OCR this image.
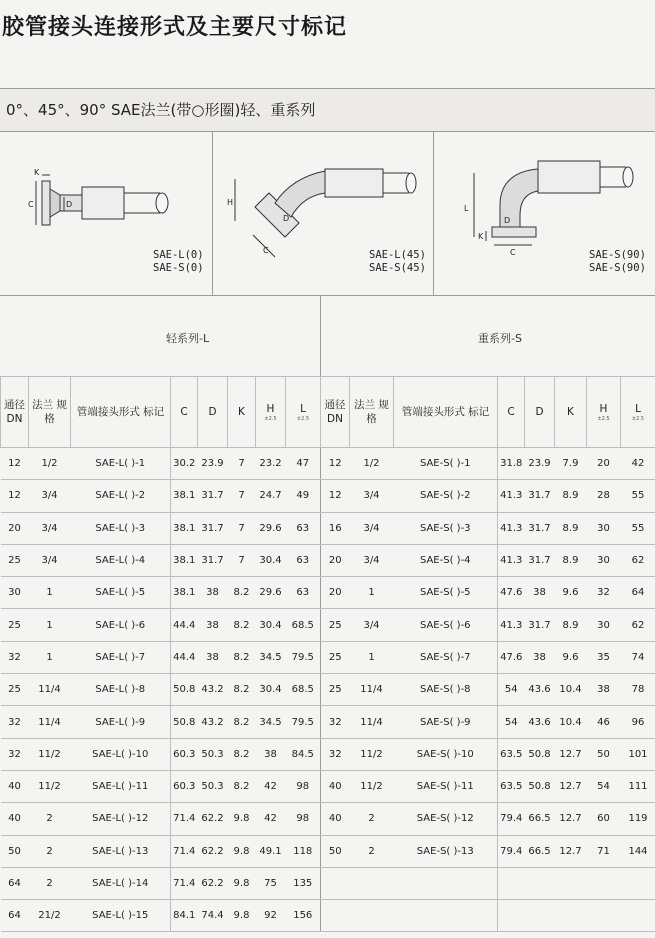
胶管接头连接形式及主要尺寸标记
0°、45°、90° SAE法兰(带○形圈)轻、重系列
K
C	D
SAE-L(0)
SAE-S(0)
H
C
D
SAE-L(45)
SAE-S(45)
L
K
D
C	SAE-S(90)
SAE-S(90)
轻系列-L	重系列-S
通径 DN	法兰 规格	管端接头形式 标记	C	D	K	H
±2.5	L
±2.5	通径 DN	法兰 规格	管端接头形式 标记	C	D	K	H
±2.5	L
±2.5

12	1/2	SAE-L( )-1	30.2	23.9	7	23.2	47	12	1/2	SAE-S( )-1	31.8	23.9	7.9	20	42
12	3/4	SAE-L( )-2	38.1	31.7	7	24.7	49	12	3/4	SAE-S( )-2	41.3	31.7	8.9	28	55
20	3/4	SAE-L( )-3	38.1	31.7	7	29.6	63	16	3/4	SAE-S( )-3	41.3	31.7	8.9	30	55
25	3/4	SAE-L( )-4	38.1	31.7	7	30.4	63	20	3/4	SAE-S( )-4	41.3	31.7	8.9	30	62
30	1	SAE-L( )-5	38.1	38	8.2	29.6	63	20	1	SAE-S( )-5	47.6	38	9.6	32	64
25	1	SAE-L( )-6	44.4	38	8.2	30.4	68.5	25	3/4	SAE-S( )-6	41.3	31.7	8.9	30	62
32	1	SAE-L( )-7	44.4	38	8.2	34.5	79.5	25	1	SAE-S( )-7	47.6	38	9.6	35	74
25	11/4	SAE-L( )-8	50.8	43.2	8.2	30.4	68.5	25	11/4	SAE-S( )-8	54	43.6	10.4	38	78
32	11/4	SAE-L( )-9	50.8	43.2	8.2	34.5	79.5	32	11/4	SAE-S( )-9	54	43.6	10.4	46	96
32	11/2	SAE-L( )-10	60.3	50.3	8.2	38	84.5	32	11/2	SAE-S( )-10	63.5	50.8	12.7	50	101
40	11/2	SAE-L( )-11	60.3	50.3	8.2	42	98	40	11/2	SAE-S( )-11	63.5	50.8	12.7	54	111
40	2	SAE-L( )-12	71.4	62.2	9.8	42	98	40	2	SAE-S( )-12	79.4	66.5	12.7	60	119
50	2	SAE-L( )-13	71.4	62.2	9.8	49.1	118	50	2	SAE-S( )-13	79.4	66.5	12.7	71	144
64	2	SAE-L( )-14	71.4	62.2	9.8	75	135								
64	21/2	SAE-L( )-15	84.1	74.4	9.8	92	156								
